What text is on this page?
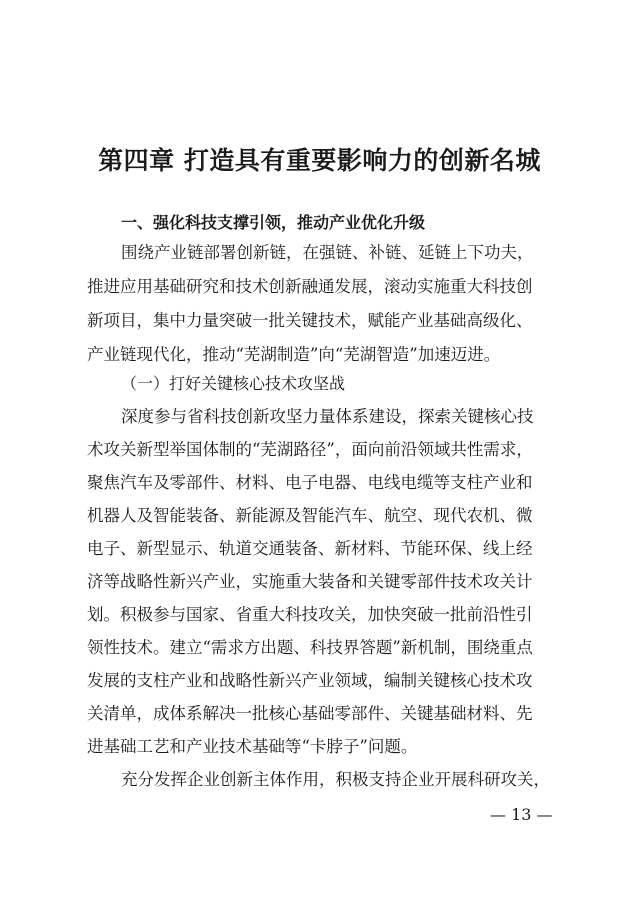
第四章 打造具有重要影响力的创新名城
一、强化科技支撑引领，推动产业优化升级
围绕产业链部署创新链，在强链、补链、延链上下功夫，
推进应用基础研究和技术创新融通发展，滚动实施重大科技创
新项目，集中力量突破一批关键技术，赋能产业基础高级化、
产业链现代化，推动“芜湖制造”向“芜湖智造”加速迈进。
（一）打好关键核心技术攻坚战
深度参与省科技创新攻坚力量体系建设，探索关键核心技
术攻关新型举国体制的“芜湖路径”，面向前沿领域共性需求，
聚焦汽车及零部件、材料、电子电器、电线电缆等支柱产业和
机器人及智能装备、新能源及智能汽车、航空、现代农机、微
电子、新型显示、轨道交通装备、新材料、节能环保、线上经
济等战略性新兴产业，实施重大装备和关键零部件技术攻关计
划。积极参与国家、省重大科技攻关，加快突破一批前沿性引
领性技术。建立“需求方出题、科技界答题”新机制，围绕重点
发展的支柱产业和战略性新兴产业领域，编制关键核心技术攻
关清单，成体系解决一批核心基础零部件、关键基础材料、先
进基础工艺和产业技术基础等“卡脖子”问题。
充分发挥企业创新主体作用，积极支持企业开展科研攻关，
— 13 —
